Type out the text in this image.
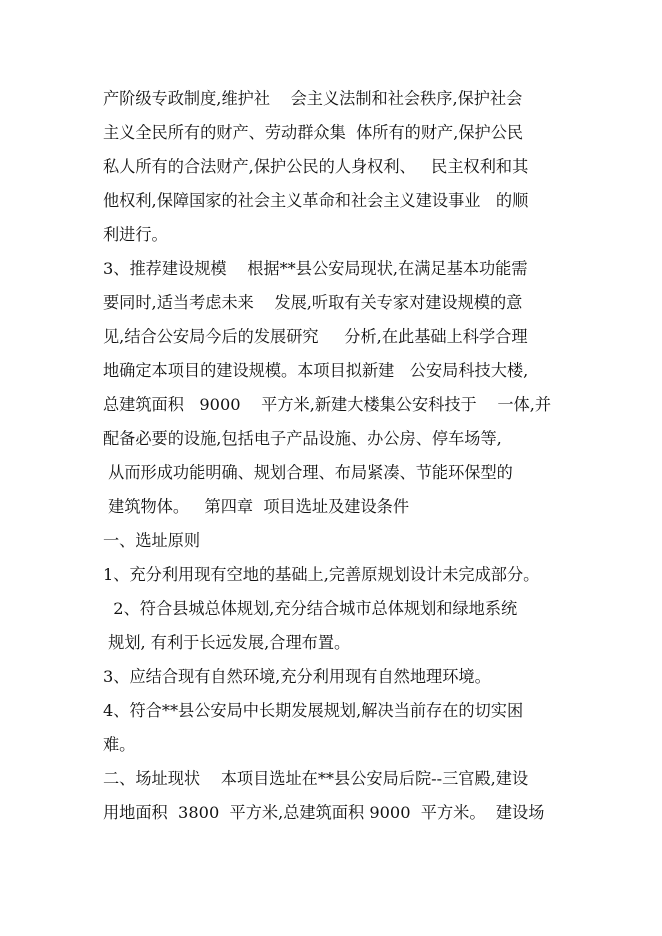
产阶级专政制度,维护社    会主义法制和社会秩序,保护社会
主义全民所有的财产、劳动群众集  体所有的财产,保护公民
私人所有的合法财产,保护公民的人身权利、   民主权利和其
他权利,保障国家的社会主义革命和社会主义建设事业   的顺
利进行。
3、推荐建设规模    根据**县公安局现状,在满足基本功能需
要同时,适当考虑未来    发展,听取有关专家对建设规模的意
见,结合公安局今后的发展研究     分析,在此基础上科学合理
地确定本项目的建设规模。本项目拟新建   公安局科技大楼,
总建筑面积   9000    平方米,新建大楼集公安科技于    一体,并
配备必要的设施,包括电子产品设施、办公房、停车场等,
从而形成功能明确、规划合理、布局紧凑、节能环保型的
建筑物体。   第四章  项目选址及建设条件
一、选址原则
1、充分利用现有空地的基础上,完善原规划设计未完成部分。
2、符合县城总体规划,充分结合城市总体规划和绿地系统
规划, 有利于长远发展,合理布置。
3、应结合现有自然环境,充分利用现有自然地理环境。
4、符合**县公安局中长期发展规划,解决当前存在的切实困
难。
二、场址现状    本项目选址在**县公安局后院--三官殿,建设
用地面积  3800  平方米,总建筑面积 9000  平方米。  建设场
